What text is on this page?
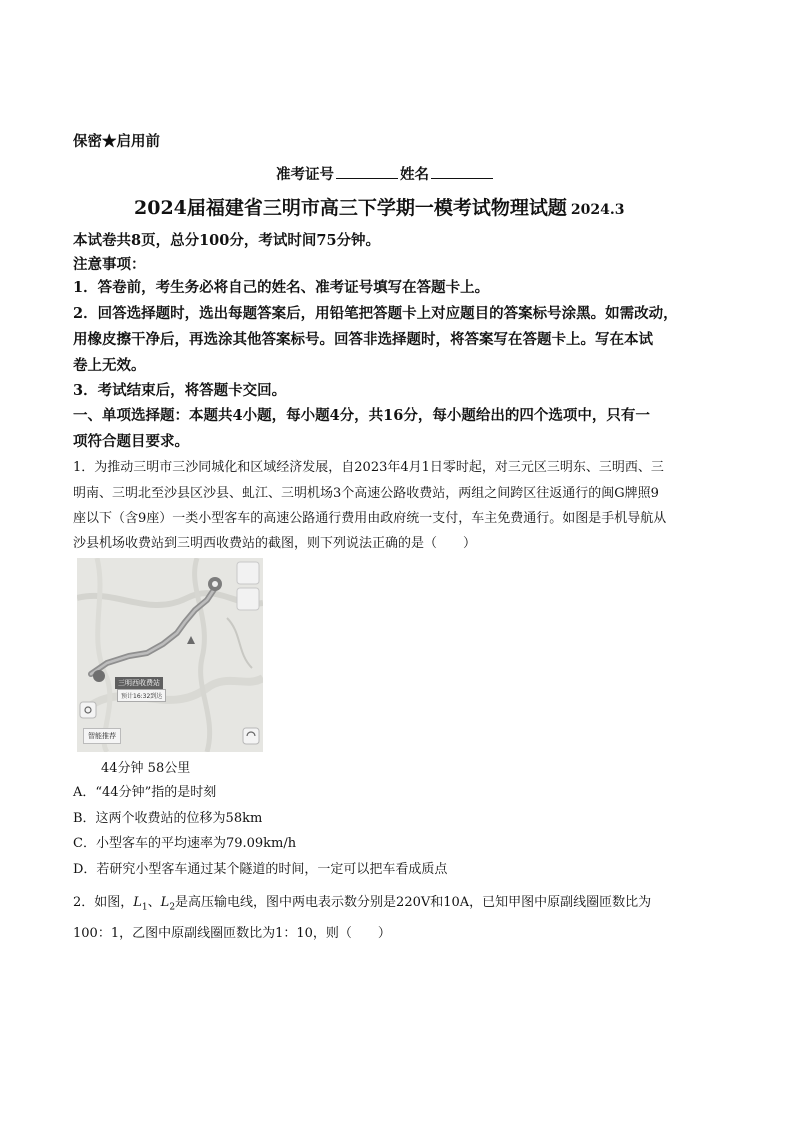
保密★启用前
准考证号	姓名
2024届福建省三明市高三下学期一模考试物理试题 2024.3
本试卷共8页，总分100分，考试时间75分钟。
注意事项：
1．答卷前，考生务必将自己的姓名、准考证号填写在答题卡上。
2．回答选择题时，选出每题答案后，用铅笔把答题卡上对应题目的答案标号涂黑。如需改动，
用橡皮擦干净后，再选涂其他答案标号。回答非选择题时，将答案写在答题卡上。写在本试
卷上无效。
3．考试结束后，将答题卡交回。
一、单项选择题：本题共4小题，每小题4分，共16分，每小题给出的四个选项中，只有一
项符合题目要求。
1．为推动三明市三沙同城化和区域经济发展，自2023年4月1日零时起，对三元区三明东、三明西、三
明南、三明北至沙县区沙县、虬江、三明机场3个高速公路收费站，两组之间跨区往返通行的闽G牌照9
座以下（含9座）一类小型客车的高速公路通行费用由政府统一支付，车主免费通行。如图是手机导航从
沙县机场收费站到三明西收费站的截图，则下列说法正确的是（　　）
三明西收费站
预计16:32到达
智能推荐
44分钟 58公里
A．“44分钟”指的是时刻
B．这两个收费站的位移为58km
C．小型客车的平均速率为79.09km/h
D．若研究小型客车通过某个隧道的时间，一定可以把车看成质点
2．如图，$L_1$、$L_2$是高压输电线，图中两电表示数分别是220V和10A，已知甲图中原副线圈匝数比为
100：1，乙图中原副线圈匝数比为1：10，则（　　）
